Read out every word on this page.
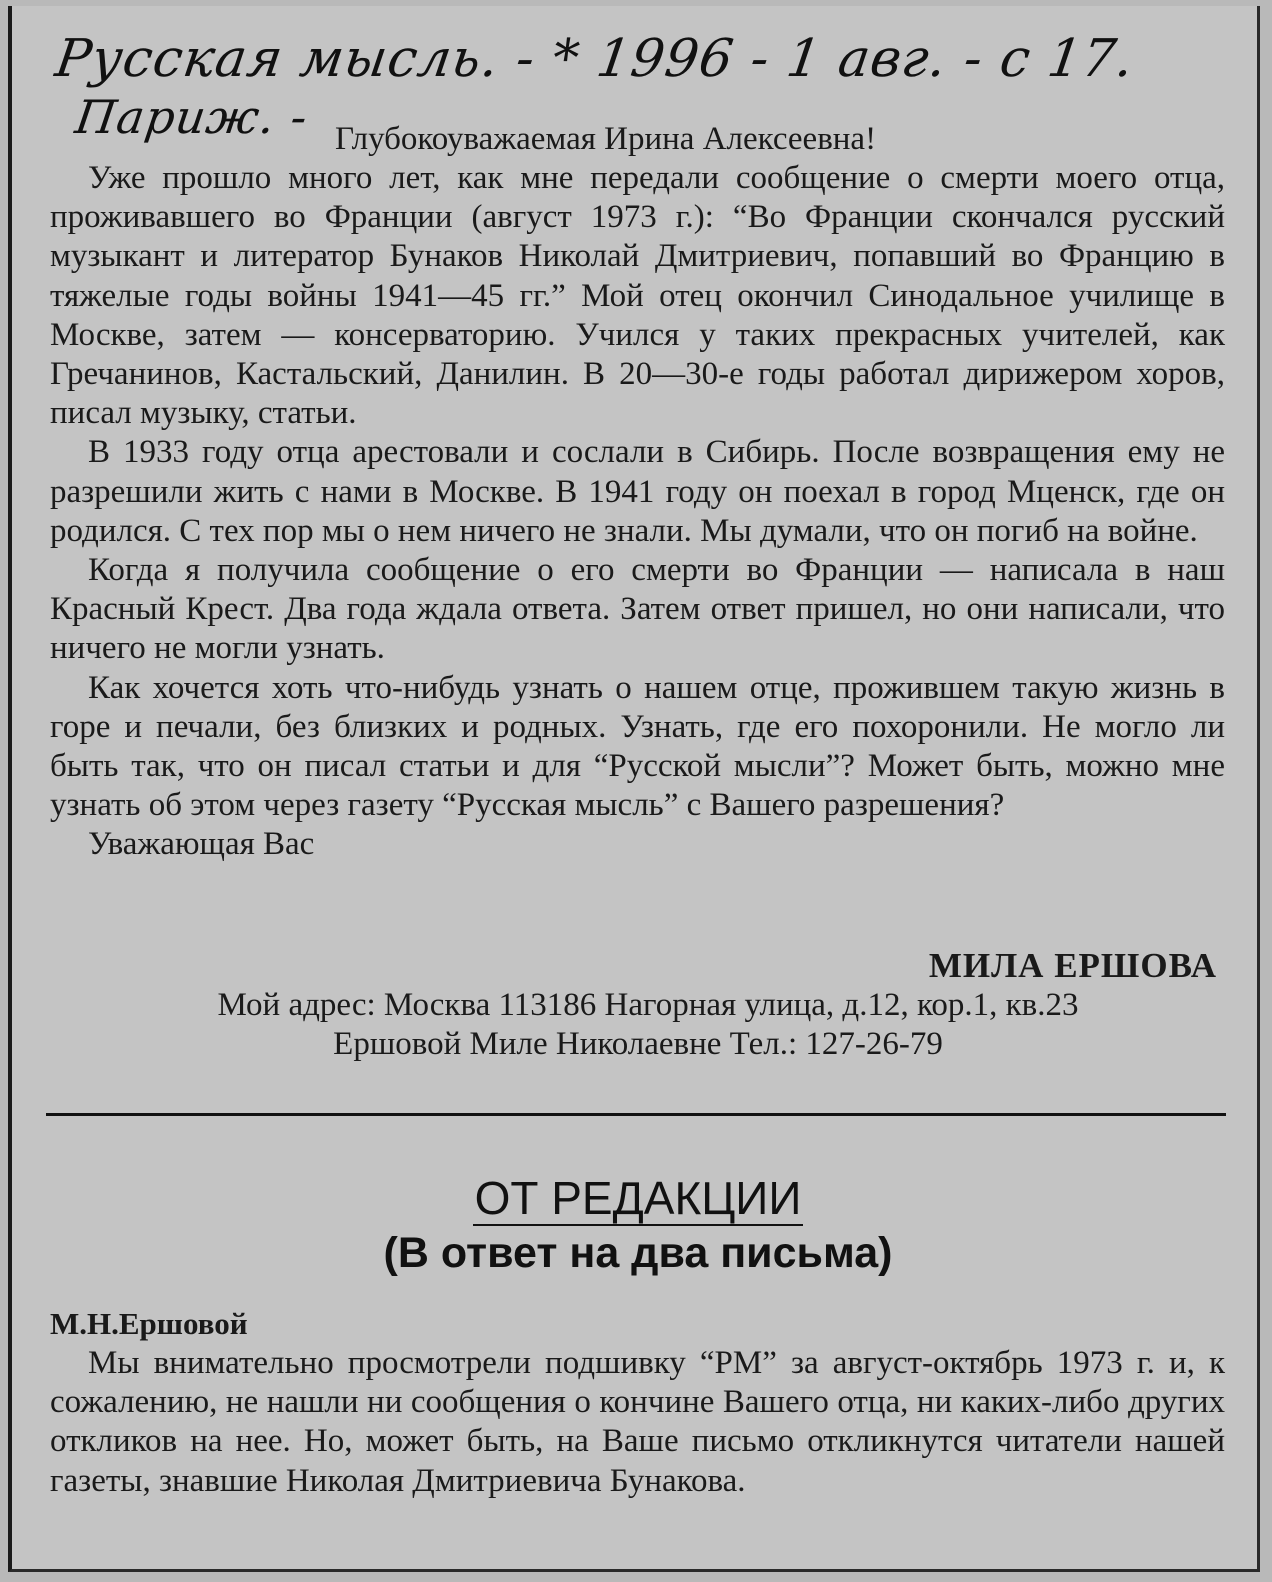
Русская мысль. - * 1996 - 1 авг. - с 17.
Париж. - Глубокоуважаемая Ирина Алексеевна!

Уже прошло много лет, как мне передали сообщение о смерти моего отца, проживавшего во Франции (август 1973 г.): “Во Франции скончался русский музыкант и литератор Бунаков Николай Дмитриевич, попавший во Францию в тяжелые годы войны 1941—45 гг.” Мой отец окончил Синодальное училище в Москве, затем — консерваторию. Учился у таких прекрасных учителей, как Гречанинов, Кастальский, Данилин. В 20—30-е годы работал дирижером хоров, писал музыку, статьи.

В 1933 году отца арестовали и сослали в Сибирь. После возвращения ему не разрешили жить с нами в Москве. В 1941 году он поехал в город Мценск, где он родился. С тех пор мы о нем ничего не знали. Мы думали, что он погиб на войне.

Когда я получила сообщение о его смерти во Франции — написала в наш Красный Крест. Два года ждала ответа. Затем ответ пришел, но они написали, что ничего не могли узнать.

Как хочется хоть что-нибудь узнать о нашем отце, прожившем такую жизнь в горе и печали, без близких и родных. Узнать, где его похоронили. Не могло ли быть так, что он писал статьи и для “Русской мысли”? Может быть, можно мне узнать об этом через газету “Русская мысль” с Вашего разрешения?

Уважающая Вас

МИЛА ЕРШОВА
Мой адрес: Москва 113186 Нагорная улица, д.12, кор.1, кв.23
Ершовой Миле Николаевне Тел.: 127-26-79
ОТ РЕДАКЦИИ
(В ответ на два письма)
М.Н.Ершовой

Мы внимательно просмотрели подшивку “РМ” за август-октябрь 1973 г. и, к сожалению, не нашли ни сообщения о кончине Вашего отца, ни каких-либо других откликов на нее. Но, может быть, на Ваше письмо откликнутся читатели нашей газеты, знавшие Николая Дмитриевича Бунакова.
